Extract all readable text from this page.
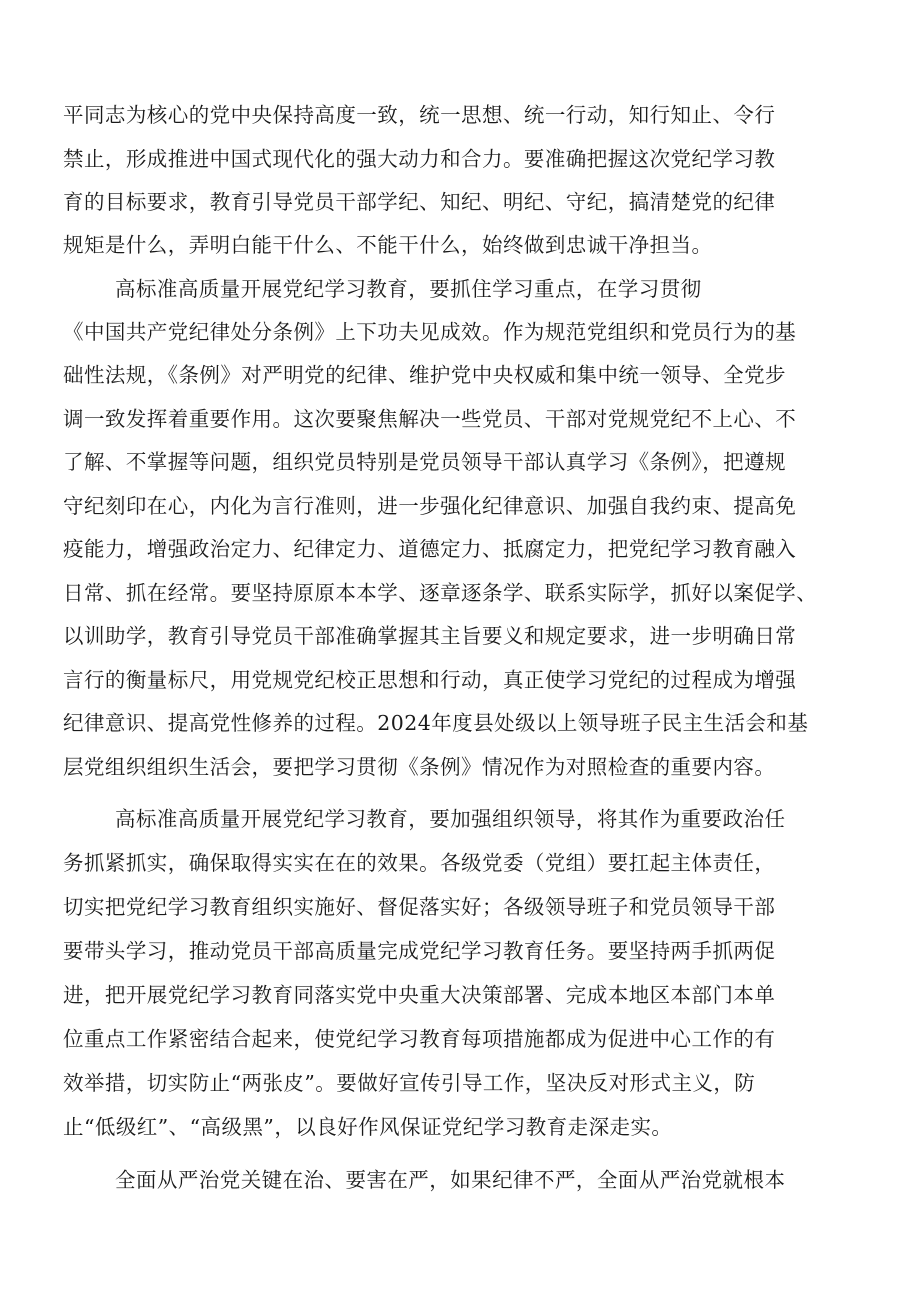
平同志为核心的党中央保持高度一致，统一思想、统一行动，知行知止、令行
禁止，形成推进中国式现代化的强大动力和合力。要准确把握这次党纪学习教
育的目标要求，教育引导党员干部学纪、知纪、明纪、守纪，搞清楚党的纪律
规矩是什么，弄明白能干什么、不能干什么，始终做到忠诚干净担当。
高标准高质量开展党纪学习教育，要抓住学习重点，在学习贯彻
《中国共产党纪律处分条例》上下功夫见成效。作为规范党组织和党员行为的基
础性法规，《条例》对严明党的纪律、维护党中央权威和集中统一领导、全党步
调一致发挥着重要作用。这次要聚焦解决一些党员、干部对党规党纪不上心、不
了解、不掌握等问题，组织党员特别是党员领导干部认真学习《条例》，把遵规
守纪刻印在心，内化为言行准则，进一步强化纪律意识、加强自我约束、提高免
疫能力，增强政治定力、纪律定力、道德定力、抵腐定力，把党纪学习教育融入
日常、抓在经常。要坚持原原本本学、逐章逐条学、联系实际学，抓好以案促学、
以训助学，教育引导党员干部准确掌握其主旨要义和规定要求，进一步明确日常
言行的衡量标尺，用党规党纪校正思想和行动，真正使学习党纪的过程成为增强
纪律意识、提高党性修养的过程。2024年度县处级以上领导班子民主生活会和基
层党组织组织生活会，要把学习贯彻《条例》情况作为对照检查的重要内容。
高标准高质量开展党纪学习教育，要加强组织领导，将其作为重要政治任
务抓紧抓实，确保取得实实在在的效果。各级党委（党组）要扛起主体责任，
切实把党纪学习教育组织实施好、督促落实好；各级领导班子和党员领导干部
要带头学习，推动党员干部高质量完成党纪学习教育任务。要坚持两手抓两促
进，把开展党纪学习教育同落实党中央重大决策部署、完成本地区本部门本单
位重点工作紧密结合起来，使党纪学习教育每项措施都成为促进中心工作的有
效举措，切实防止“两张皮”。要做好宣传引导工作，坚决反对形式主义，防
止“低级红”、“高级黑”，以良好作风保证党纪学习教育走深走实。
全面从严治党关键在治、要害在严，如果纪律不严，全面从严治党就根本
